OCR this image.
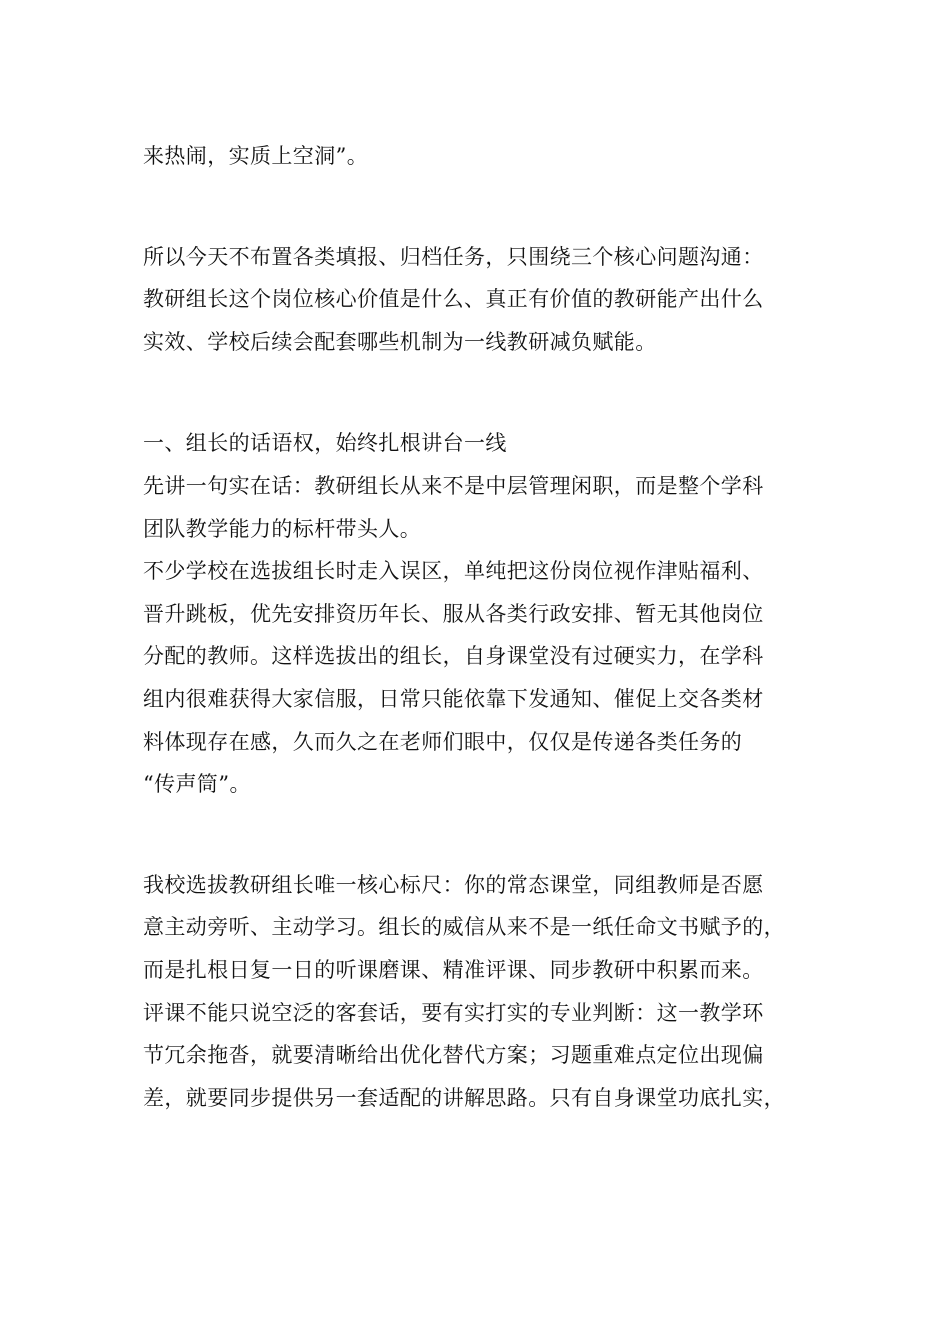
来热闹，实质上空洞”。
所以今天不布置各类填报、归档任务，只围绕三个核心问题沟通：
教研组长这个岗位核心价值是什么、真正有价值的教研能产出什么
实效、学校后续会配套哪些机制为一线教研减负赋能。
一、组长的话语权，始终扎根讲台一线
先讲一句实在话：教研组长从来不是中层管理闲职，而是整个学科
团队教学能力的标杆带头人。
不少学校在选拔组长时走入误区，单纯把这份岗位视作津贴福利、
晋升跳板，优先安排资历年长、服从各类行政安排、暂无其他岗位
分配的教师。这样选拔出的组长，自身课堂没有过硬实力，在学科
组内很难获得大家信服，日常只能依靠下发通知、催促上交各类材
料体现存在感，久而久之在老师们眼中，仅仅是传递各类任务的
“传声筒”。
我校选拔教研组长唯一核心标尺：你的常态课堂，同组教师是否愿
意主动旁听、主动学习。组长的威信从来不是一纸任命文书赋予的，
而是扎根日复一日的听课磨课、精准评课、同步教研中积累而来。
评课不能只说空泛的客套话，要有实打实的专业判断：这一教学环
节冗余拖沓，就要清晰给出优化替代方案；习题重难点定位出现偏
差，就要同步提供另一套适配的讲解思路。只有自身课堂功底扎实，
